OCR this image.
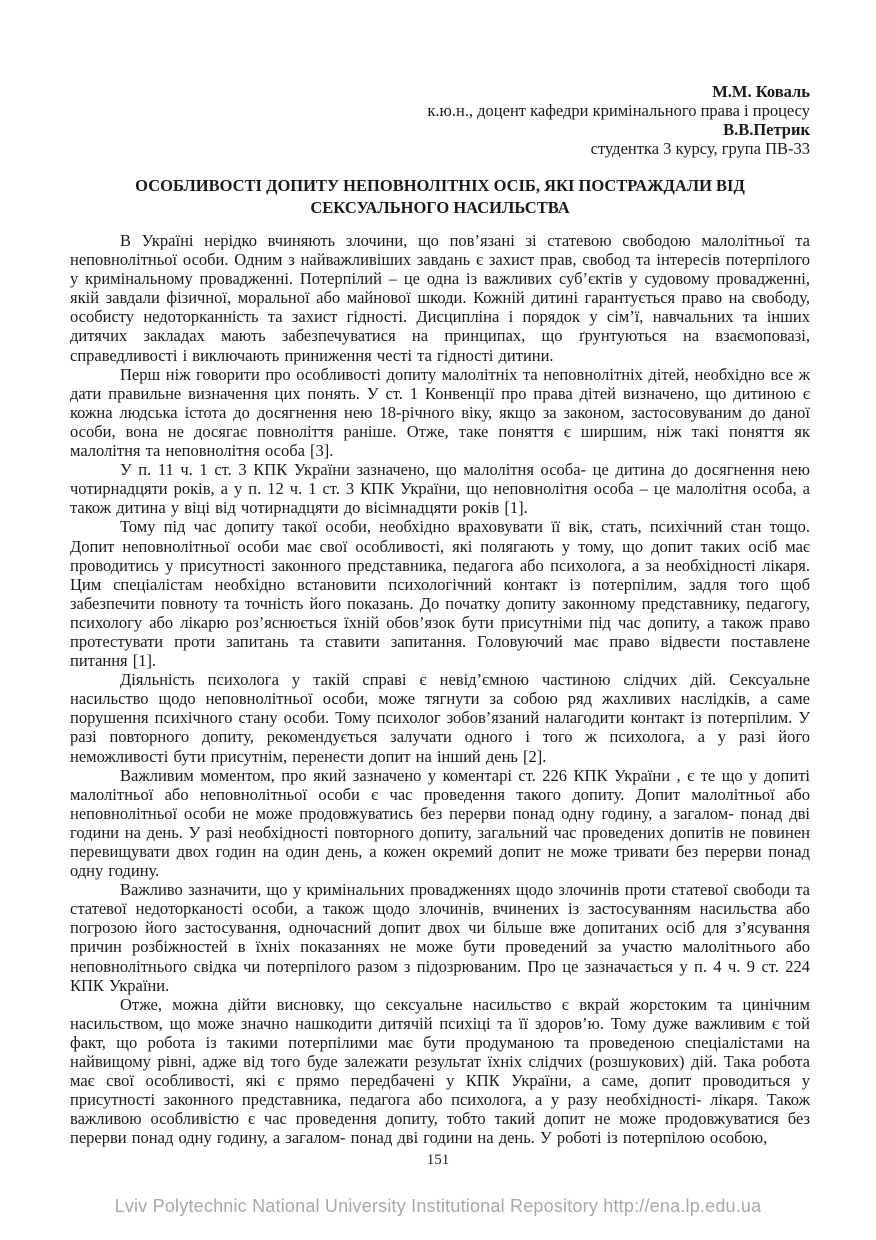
М.М. Коваль
к.ю.н., доцент кафедри кримінального права і процесу
В.В.Петрик
студентка 3 курсу, група ПВ-33
ОСОБЛИВОСТІ ДОПИТУ НЕПОВНОЛІТНІХ ОСІБ, ЯКІ ПОСТРАЖДАЛИ ВІД СЕКСУАЛЬНОГО НАСИЛЬСТВА

В Україні нерідко вчиняють злочини, що пов’язані зі статевою свободою малолітньої та неповнолітньої особи. Одним з найважливіших завдань є захист прав, свобод та інтересів потерпілого у кримінальному провадженні. Потерпілий – це одна із важливих суб’єктів у судовому провадженні, якій завдали фізичної, моральної або майнової шкоди. Кожній дитині гарантується право на свободу, особисту недоторканність та захист гідності. Дисципліна і порядок у сім’ї, навчальних та інших дитячих закладах мають забезпечуватися на принципах, що ґрунтуються на взаємоповазі, справедливості і виключають приниження честі та гідності дитини.

Перш ніж говорити про особливості допиту малолітніх та неповнолітніх дітей, необхідно все ж дати правильне визначення цих понять. У ст. 1 Конвенції про права дітей визначено, що дитиною є кожна людська істота до досягнення нею 18-річного віку, якщо за законом, застосовуваним до даної особи, вона не досягає повноліття раніше. Отже, таке поняття є ширшим, ніж такі поняття як малолітня та неповнолітня особа [3].

У п. 11 ч. 1 ст. 3 КПК України зазначено, що малолітня особа- це дитина до досягнення нею чотирнадцяти років, а у п. 12 ч. 1 ст. 3 КПК України, що неповнолітня особа – це малолітня особа, а також дитина у віці від чотирнадцяти до вісімнадцяти років [1].

Тому під час допиту такої особи, необхідно враховувати її вік, стать, психічний стан тощо. Допит неповнолітньої особи має свої особливості, які полягають у тому, що допит таких осіб має проводитись у присутності законного представника, педагога або психолога, а за необхідності лікаря. Цим спеціалістам необхідно встановити психологічний контакт із потерпілим, задля того щоб забезпечити повноту та точність його показань. До початку допиту законному представнику, педагогу, психологу або лікарю роз’яснюється їхній обов’язок бути присутніми під час допиту, а також право протестувати проти запитань та ставити запитання. Головуючий має право відвести поставлене питання [1].

Діяльність психолога у такій справі є невід’ємною частиною слідчих дій. Сексуальне насильство щодо неповнолітньої особи, може тягнути за собою ряд жахливих наслідків, а саме порушення психічного стану особи. Тому психолог зобов’язаний налагодити контакт із потерпілим. У разі повторного допиту, рекомендується залучати одного і того ж психолога, а у разі його неможливості бути присутнім, перенести допит на інший день [2].

Важливим моментом, про який зазначено у коментарі ст. 226 КПК України , є те що у допиті малолітньої або неповнолітньої особи є час проведення такого допиту. Допит малолітньої або неповнолітньої особи не може продовжуватись без перерви понад одну годину, а загалом- понад дві години на день. У разі необхідності повторного допиту, загальний час проведених допитів не повинен перевищувати двох годин на один день, а кожен окремий допит не може тривати без перерви понад одну годину.

Важливо зазначити, що у кримінальних провадженнях щодо злочинів проти статевої свободи та статевої недоторканості особи, а також щодо злочинів, вчинених із застосуванням насильства або погрозою його застосування, одночасний допит двох чи більше вже допитаних осіб для з’ясування причин розбіжностей в їхніх показаннях не може бути проведений за участю малолітнього або неповнолітнього свідка чи потерпілого разом з підозрюваним. Про це зазначається у п. 4 ч. 9 ст. 224 КПК України.

Отже, можна дійти висновку, що сексуальне насильство є вкрай жорстоким та цинічним насильством, що може значно нашкодити дитячій психіці та її здоров’ю. Тому дуже важливим є той факт, що робота із такими потерпілими має бути продуманою та проведеною спеціалістами на найвищому рівні, адже від того буде залежати результат їхніх слідчих (розшукових) дій. Така робота має свої особливості, які є прямо передбачені у КПК України, а саме, допит проводиться у присутності законного представника, педагога або психолога, а у разу необхідності- лікаря. Також важливою особливістю є час проведення допиту, тобто такий допит не може продовжуватися без перерви понад одну годину, а загалом- понад дві години на день. У роботі із потерпілою особою,

151
Lviv Polytechnic National University Institutional Repository http://ena.lp.edu.ua
